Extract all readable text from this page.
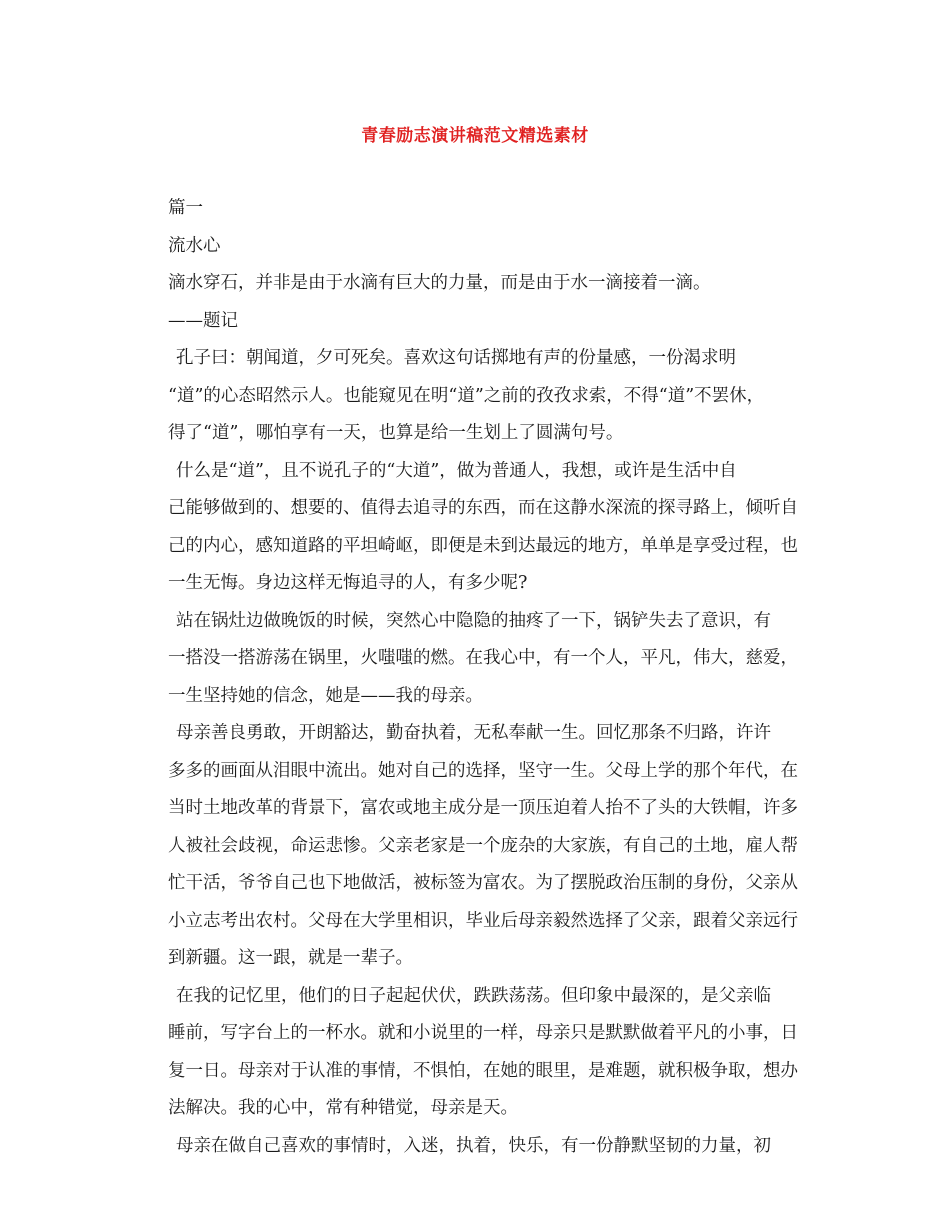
青春励志演讲稿范文精选素材
篇一
流水心
滴水穿石，并非是由于水滴有巨大的力量，而是由于水一滴接着一滴。
——题记
孔子曰：朝闻道，夕可死矣。喜欢这句话掷地有声的份量感，一份渴求明
“道”的心态昭然示人。也能窥见在明“道”之前的孜孜求索，不得“道”不罢休，
得了“道”，哪怕享有一天，也算是给一生划上了圆满句号。
什么是“道”，且不说孔子的“大道”，做为普通人，我想，或许是生活中自
己能够做到的、想要的、值得去追寻的东西，而在这静水深流的探寻路上，倾听自
己的内心，感知道路的平坦崎岖，即便是未到达最远的地方，单单是享受过程，也
一生无悔。身边这样无悔追寻的人，有多少呢?
站在锅灶边做晚饭的时候，突然心中隐隐的抽疼了一下，锅铲失去了意识，有
一搭没一搭游荡在锅里，火嗤嗤的燃。在我心中，有一个人，平凡，伟大，慈爱，
一生坚持她的信念，她是——我的母亲。
母亲善良勇敢，开朗豁达，勤奋执着，无私奉献一生。回忆那条不归路，许许
多多的画面从泪眼中流出。她对自己的选择，坚守一生。父母上学的那个年代，在
当时土地改革的背景下，富农或地主成分是一顶压迫着人抬不了头的大铁帽，许多
人被社会歧视，命运悲惨。父亲老家是一个庞杂的大家族，有自己的土地，雇人帮
忙干活，爷爷自己也下地做活，被标签为富农。为了摆脱政治压制的身份，父亲从
小立志考出农村。父母在大学里相识，毕业后母亲毅然选择了父亲，跟着父亲远行
到新疆。这一跟，就是一辈子。
在我的记忆里，他们的日子起起伏伏，跌跌荡荡。但印象中最深的，是父亲临
睡前，写字台上的一杯水。就和小说里的一样，母亲只是默默做着平凡的小事，日
复一日。母亲对于认准的事情，不惧怕，在她的眼里，是难题，就积极争取，想办
法解决。我的心中，常有种错觉，母亲是天。
母亲在做自己喜欢的事情时，入迷，执着，快乐，有一份静默坚韧的力量，初
